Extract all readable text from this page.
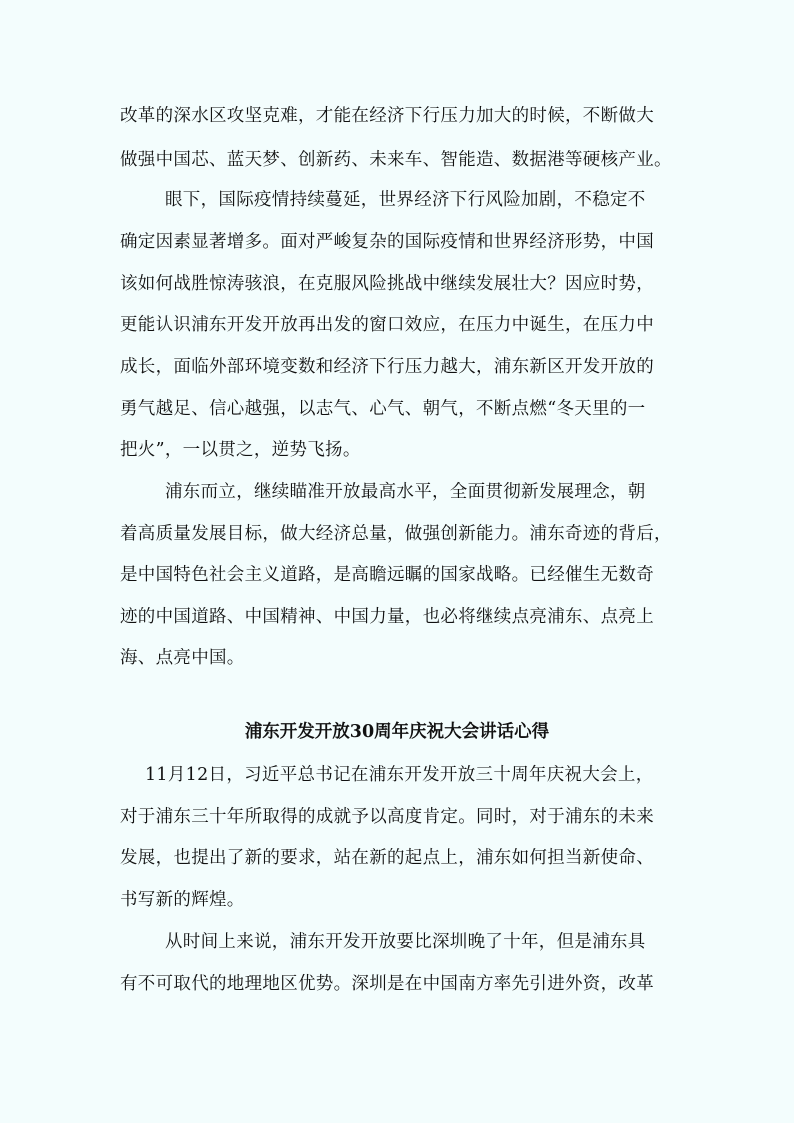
改革的深水区攻坚克难，才能在经济下行压力加大的时候，不断做大
做强中国芯、蓝天梦、创新药、未来车、智能造、数据港等硬核产业。
眼下，国际疫情持续蔓延，世界经济下行风险加剧，不稳定不
确定因素显著增多。面对严峻复杂的国际疫情和世界经济形势，中国
该如何战胜惊涛骇浪，在克服风险挑战中继续发展壮大？因应时势，
更能认识浦东开发开放再出发的窗口效应，在压力中诞生，在压力中
成长，面临外部环境变数和经济下行压力越大，浦东新区开发开放的
勇气越足、信心越强，以志气、心气、朝气，不断点燃“冬天里的一
把火”，一以贯之，逆势飞扬。
浦东而立，继续瞄准开放最高水平，全面贯彻新发展理念，朝
着高质量发展目标，做大经济总量，做强创新能力。浦东奇迹的背后，
是中国特色社会主义道路，是高瞻远瞩的国家战略。已经催生无数奇
迹的中国道路、中国精神、中国力量，也必将继续点亮浦东、点亮上
海、点亮中国。
浦东开发开放30周年庆祝大会讲话心得
11月12日，习近平总书记在浦东开发开放三十周年庆祝大会上，
对于浦东三十年所取得的成就予以高度肯定。同时，对于浦东的未来
发展，也提出了新的要求，站在新的起点上，浦东如何担当新使命、
书写新的辉煌。
从时间上来说，浦东开发开放要比深圳晚了十年，但是浦东具
有不可取代的地理地区优势。深圳是在中国南方率先引进外资，改革
